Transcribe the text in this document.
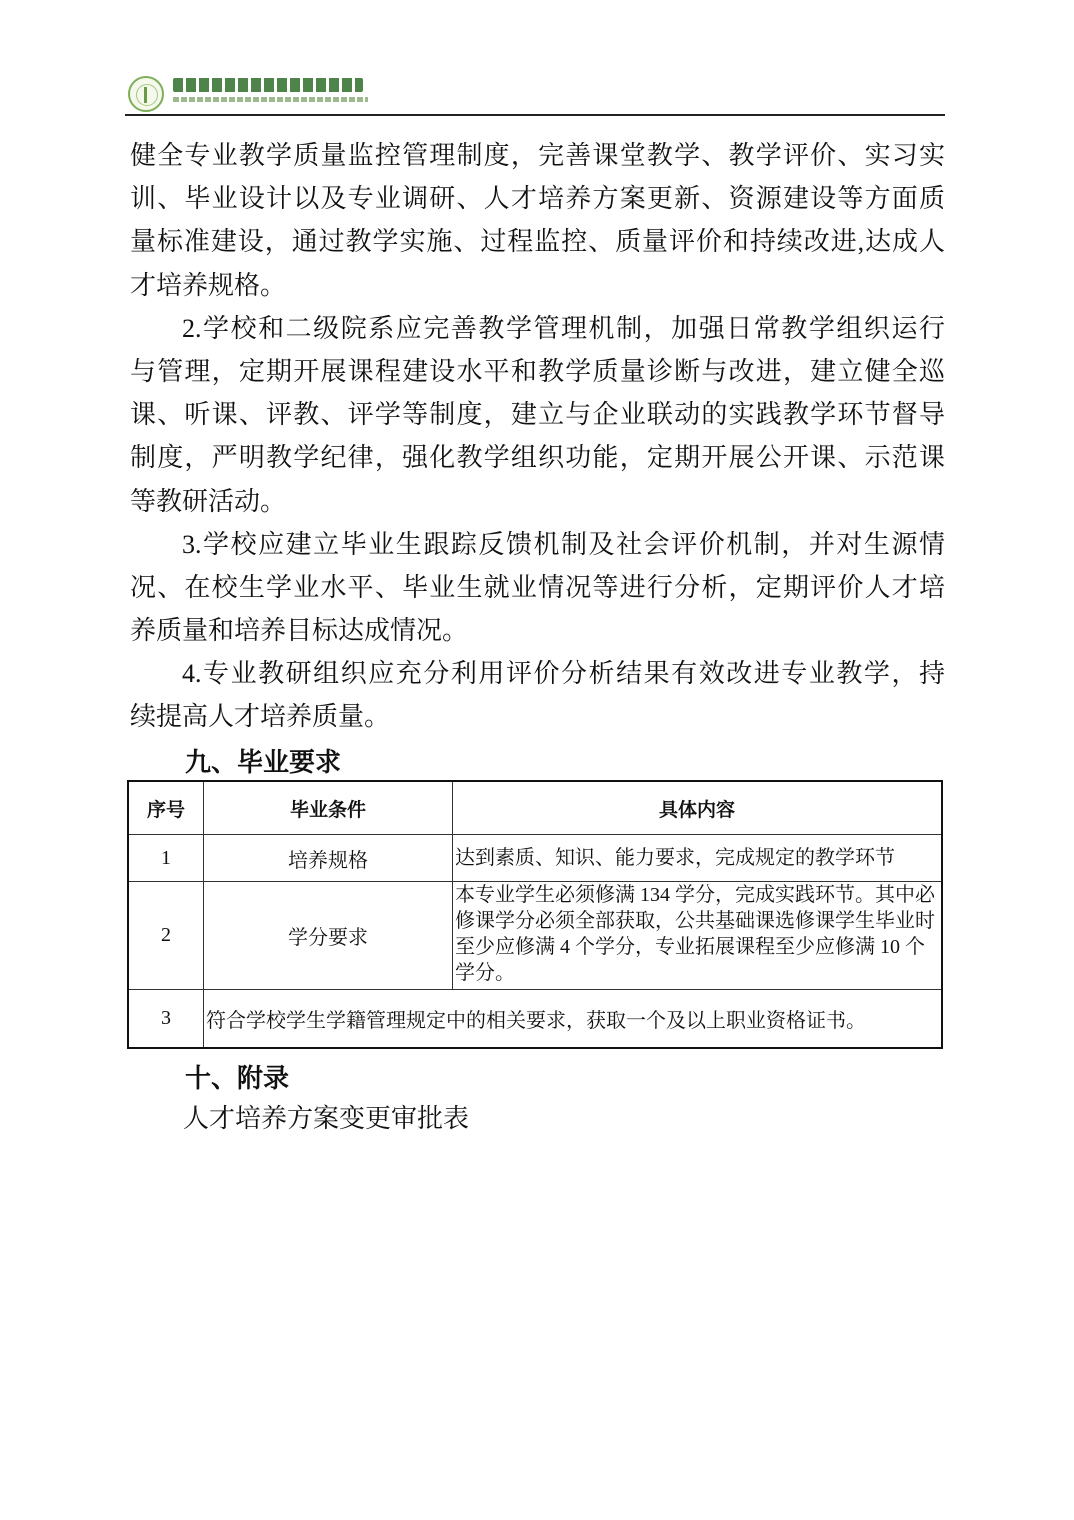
健全专业教学质量监控管理制度，完善课堂教学、教学评价、实习实
训、毕业设计以及专业调研、人才培养方案更新、资源建设等方面质
量标准建设，通过教学实施、过程监控、质量评价和持续改进,达成人
才培养规格。
2.学校和二级院系应完善教学管理机制，加强日常教学组织运行
与管理，定期开展课程建设水平和教学质量诊断与改进，建立健全巡
课、听课、评教、评学等制度，建立与企业联动的实践教学环节督导
制度，严明教学纪律，强化教学组织功能，定期开展公开课、示范课
等教研活动。
3.学校应建立毕业生跟踪反馈机制及社会评价机制，并对生源情
况、在校生学业水平、毕业生就业情况等进行分析，定期评价人才培
养质量和培养目标达成情况。
4.专业教研组织应充分利用评价分析结果有效改进专业教学，持
续提高人才培养质量。
九、毕业要求
序号	毕业条件	具体内容
1	培养规格	达到素质、知识、能力要求，完成规定的教学环节
2	学分要求	本专业学生必须修满 134 学分，完成实践环节。其中必修课学分必须全部获取，公共基础课选修课学生毕业时至少应修满 4 个学分，专业拓展课程至少应修满 10 个学分。
3	符合学校学生学籍管理规定中的相关要求，获取一个及以上职业资格证书。	
十、附录
人才培养方案变更审批表
